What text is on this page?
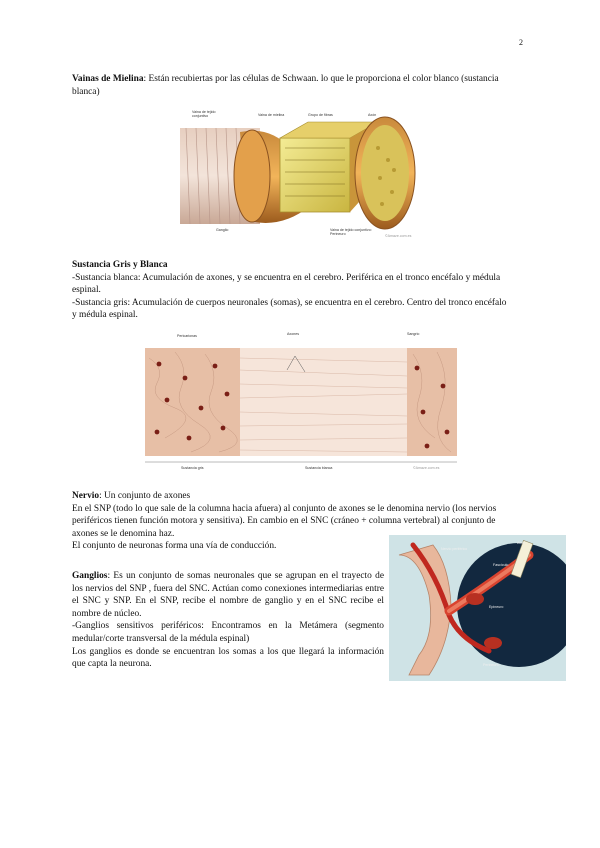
2
Vainas de Mielina: Están recubiertas por las células de Schwaan. lo que le proporciona el color blanco (sustancia blanca)
Vaina de tejido conjuntivo	Vaina de mielina	Grupo de fibras	Axón
Ganglio	Vaina de tejido conjuntivo: Perineuro	©Amaze.com.es
Sustancia Gris y Blanca
-Sustancia blanca: Acumulación de axones, y se encuentra en el cerebro. Periférica en el tronco encéfalo y médula espinal.
-Sustancia gris: Acumulación de cuerpos neuronales (somas), se encuentra en el cerebro. Centro del tronco encéfalo y médula espinal.
Pericarionas	Axones	Sangrio
Sustancia gris	Sustancia blanca	©Amaze.com.es
Nervio: Un conjunto de axones
En el SNP (todo lo que sale de la columna hacia afuera) al conjunto de axones se le denomina nervio (los nervios periféricos tienen función motora y sensitiva). En cambio en el SNC (cráneo + columna vertebral) al conjunto de axones se le denomina haz.
El conjunto de neuronas forma una vía de conducción.
Ganglios: Es un conjunto de somas neuronales que se agrupan en el trayecto de los nervios del SNP , fuera del SNC. Actúan como conexiones intermediarias entre el SNC y SNP. En el SNP, recibe el nombre de ganglio y en el SNC recibe el nombre de núcleo.
-Ganglios sensitivos periféricos: Encontramos en la Metámera (segmento medular/corte transversal de la médula espinal)
Los ganglios es donde se encuentran los somas a los que llegará la información que capta la neurona.
Nervio periférico
Axón
Fascículo
Epineuro
Perineuro
